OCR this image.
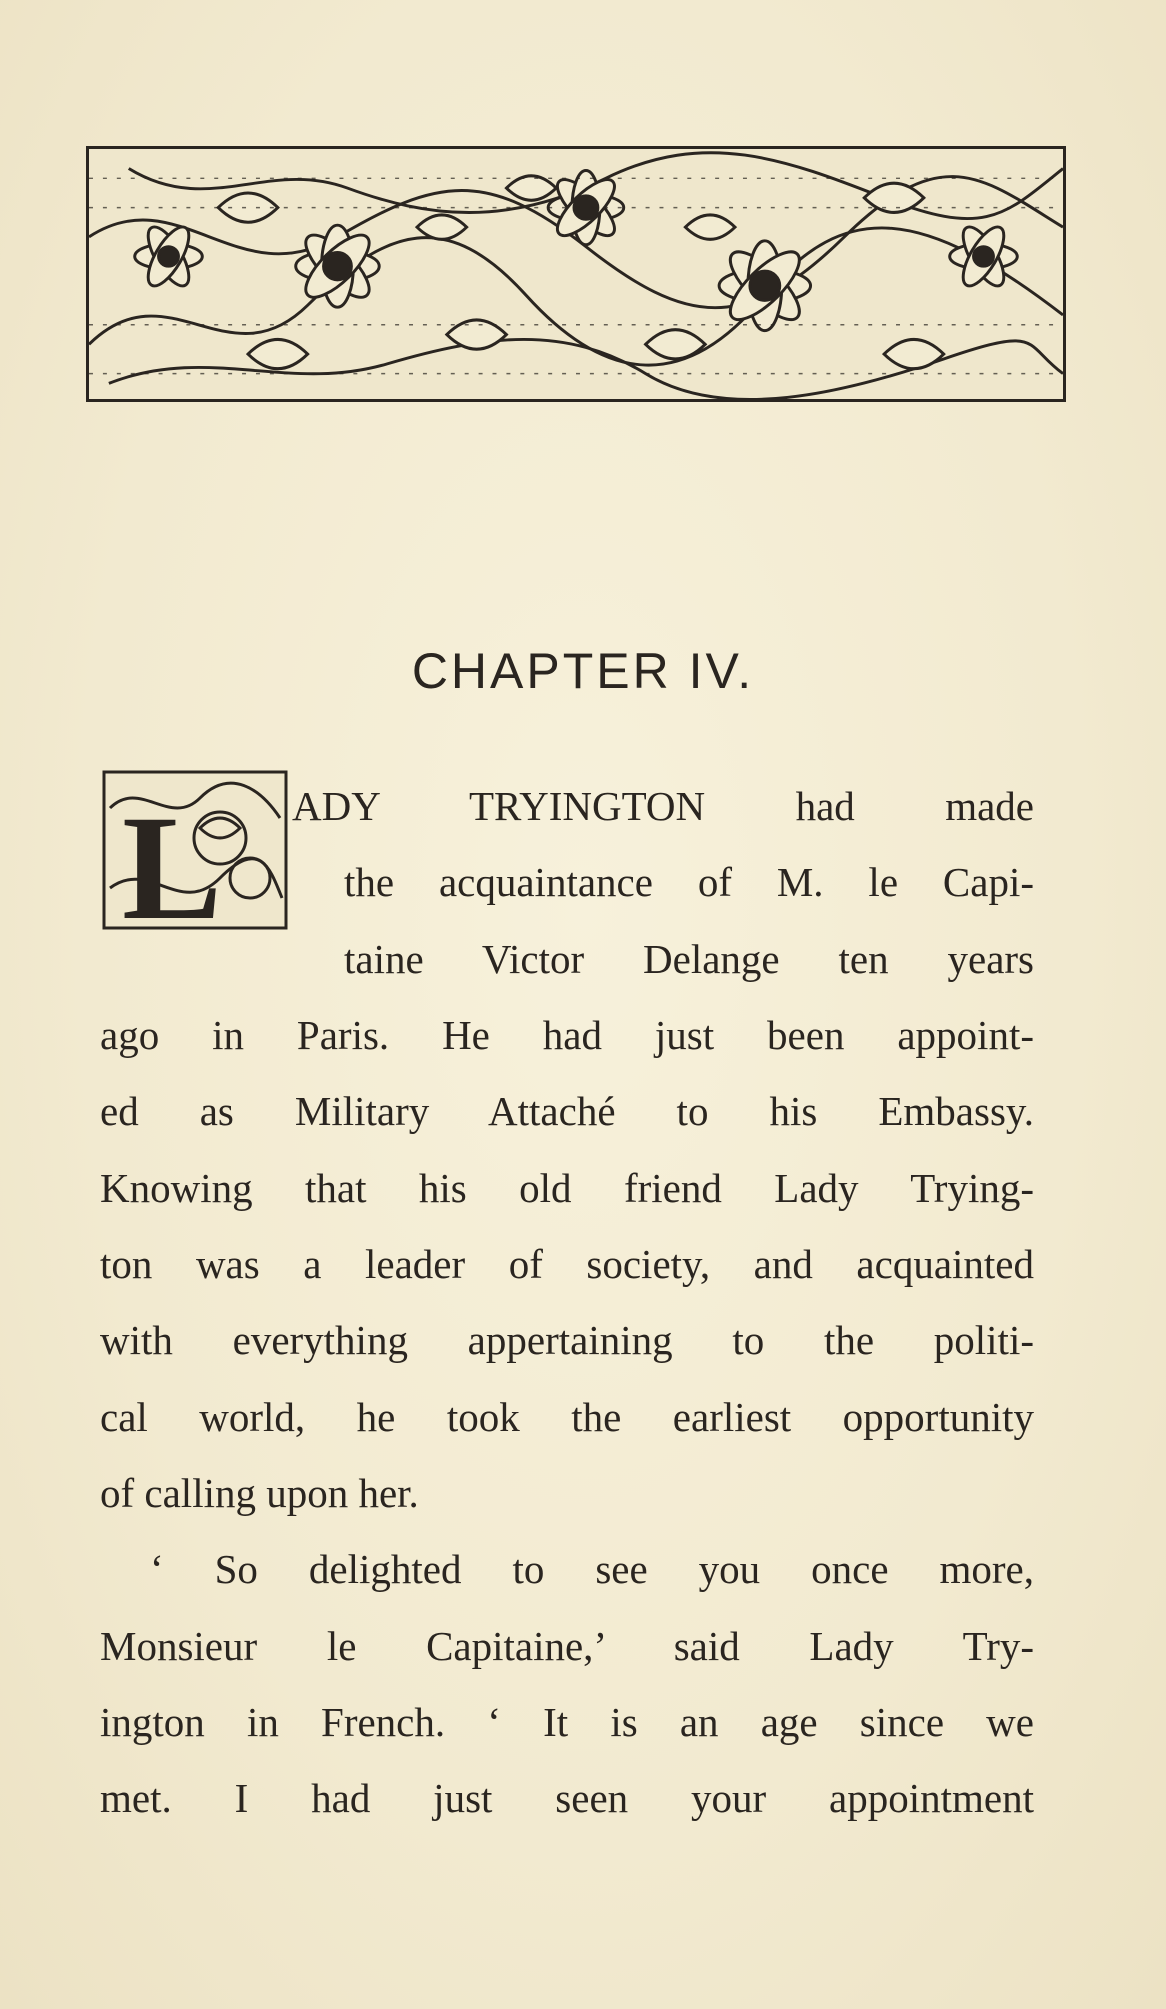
CHAPTER IV.
L ADY TRYINGTON had made
the acquaintance of M. le Capi-
taine Victor Delange ten years
ago in Paris. He had just been appoint-
ed as Military Attaché to his Embassy.
Knowing that his old friend Lady Trying-
ton was a leader of society, and acquainted
with everything appertaining to the politi-
cal world, he took the earliest opportunity
of calling upon her.
‘ So delighted to see you once more,
Monsieur le Capitaine,’ said Lady Try-
ington in French. ‘ It is an age since we
met. I had just seen your appointment
